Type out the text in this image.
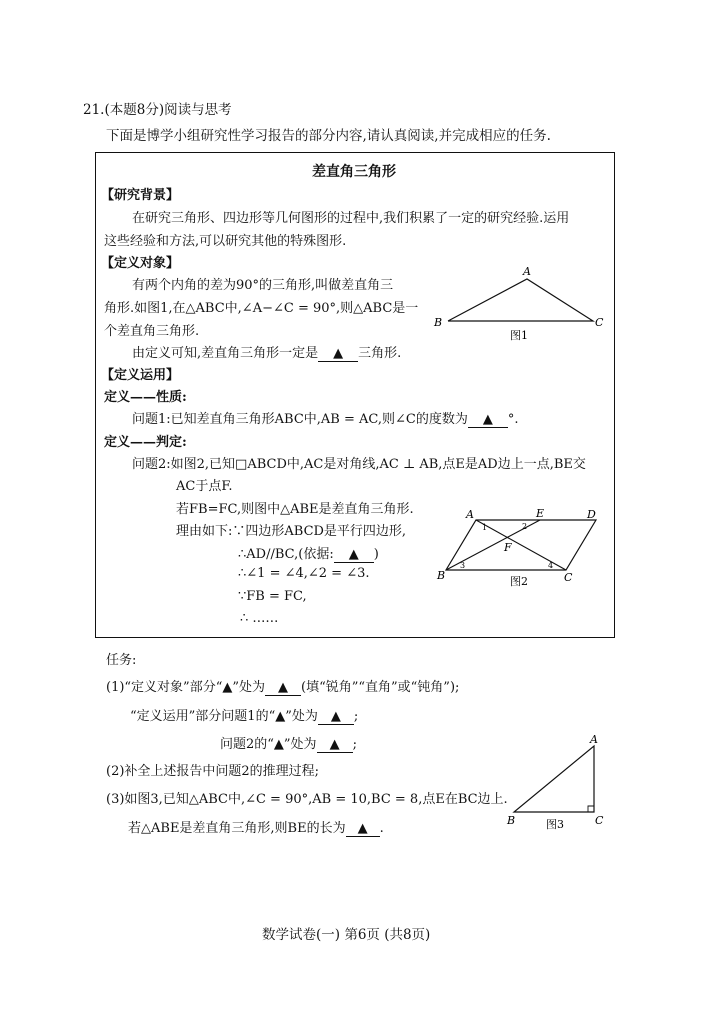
21.(本题8分)阅读与思考
下面是博学小组研究性学习报告的部分内容,请认真阅读,并完成相应的任务.
差直角三角形
【研究背景】
在研究三角形、四边形等几何图形的过程中,我们积累了一定的研究经验.运用
这些经验和方法,可以研究其他的特殊图形.
【定义对象】
有两个内角的差为90°的三角形,叫做差直角三
角形.如图1,在△ABC中,∠A−∠C = 90°,则△ABC是一
个差直角三角形.
由定义可知,差直角三角形一定是 ▲ 三角形.
A
B	C
图1
【定义运用】
定义——性质:
问题1:已知差直角三角形ABC中,AB = AC,则∠C的度数为 ▲ °.
定义——判定:
问题2:如图2,已知□ABCD中,AC是对角线,AC ⊥ AB,点E是AD边上一点,BE交
AC于点F.
若FB=FC,则图中△ABE是差直角三角形.
理由如下:∵四边形ABCD是平行四边形,
∴AD//BC,(依据: ▲ )
∴∠1 = ∠4,∠2 = ∠3.
∵FB = FC,
∴ ……
A	E	D
F
B	C
1	2
3	4
图2
任务:
(1)“定义对象”部分“▲”处为 ▲ (填“锐角”“直角”或“钝角”);
“定义运用”部分问题1的“▲”处为 ▲ ;
问题2的“▲”处为 ▲ ;
(2)补全上述报告中问题2的推理过程;
(3)如图3,已知△ABC中,∠C = 90°,AB = 10,BC = 8,点E在BC边上.
若△ABE是差直角三角形,则BE的长为 ▲ .
A
B	C
图3
数学试卷(一) 第6页 (共8页)
